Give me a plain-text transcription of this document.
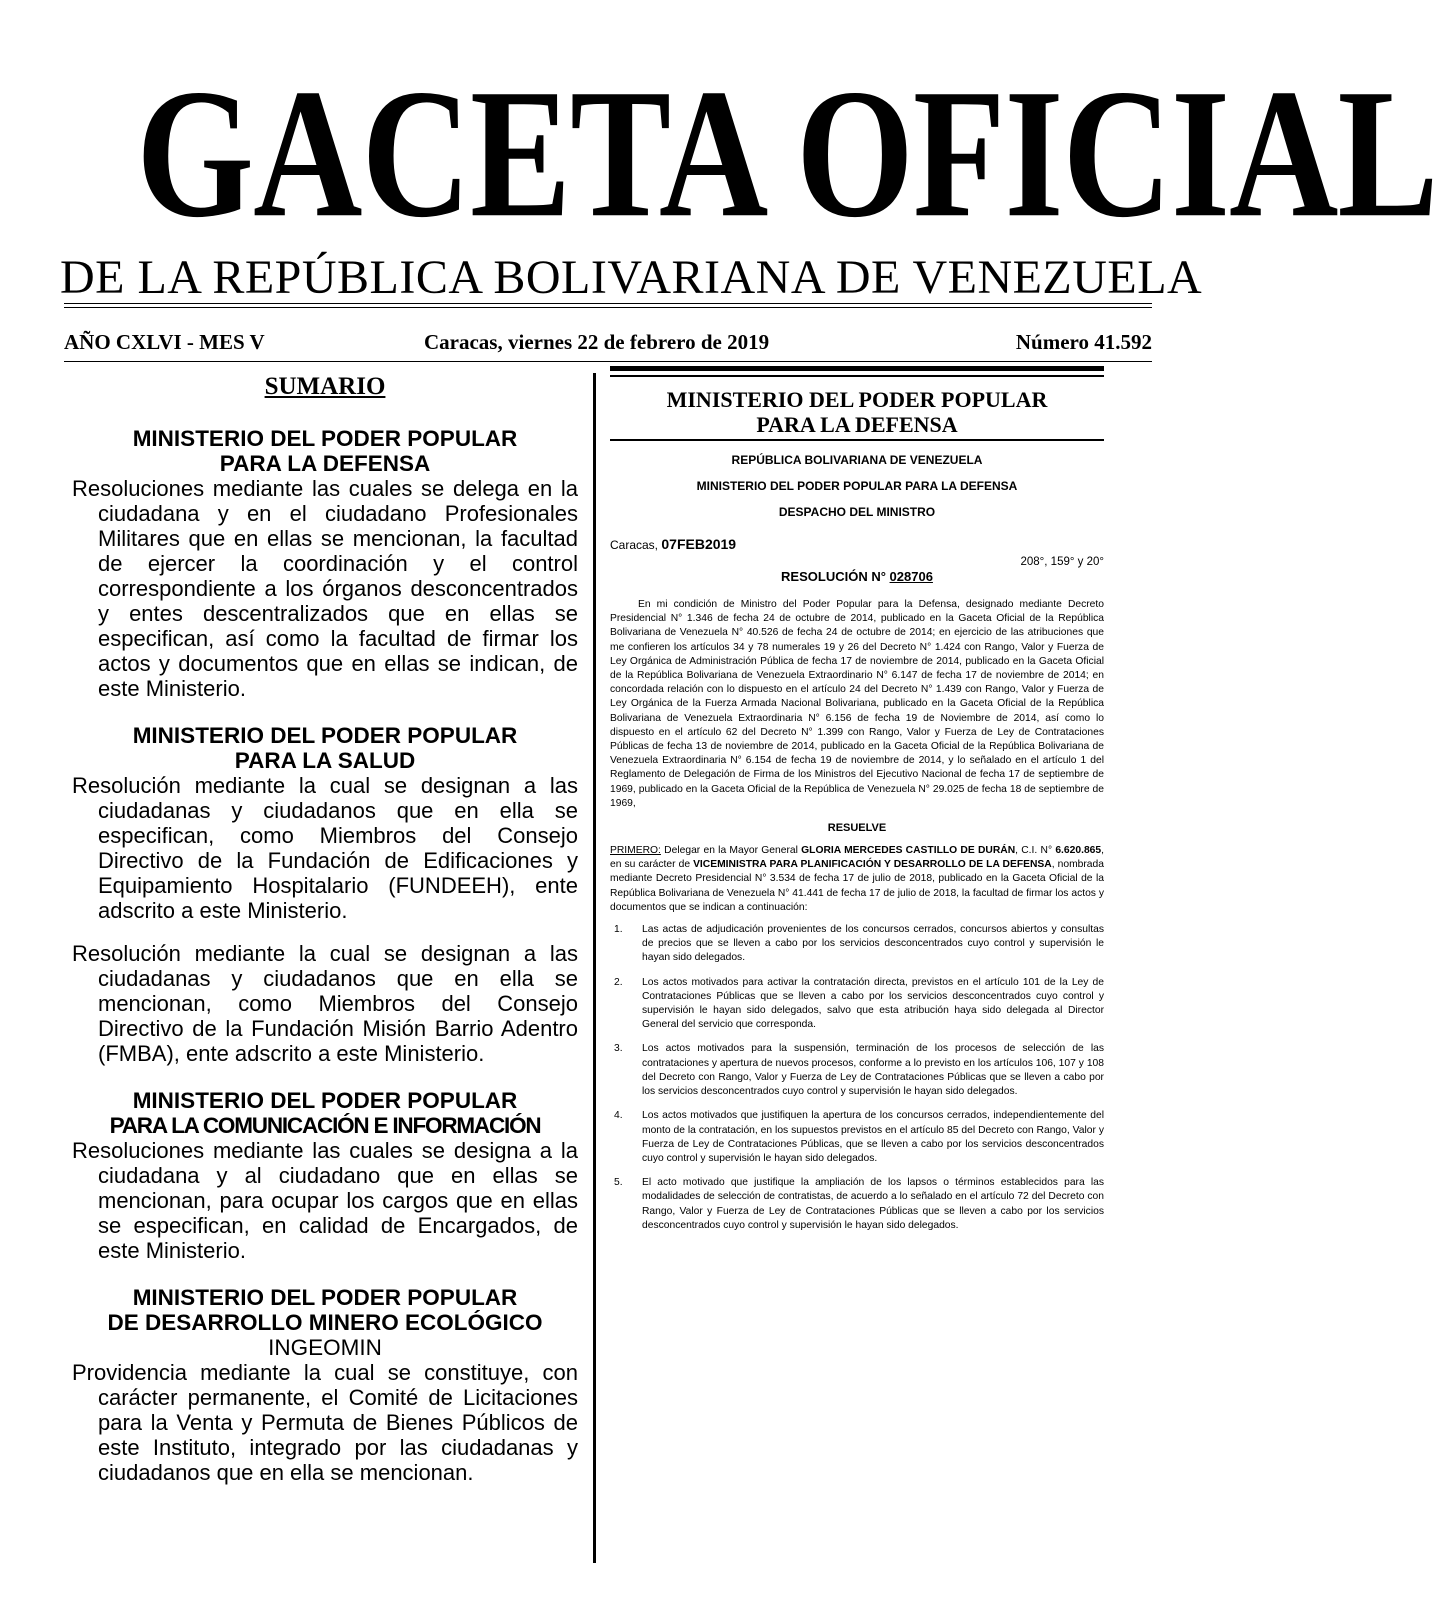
GACETA OFICIAL
DE LA REPÚBLICA BOLIVARIANA DE VENEZUELA
AÑO CXLVI - MES V	Caracas, viernes 22 de febrero de 2019	Número 41.592
SUMARIO
MINISTERIO DEL PODER POPULAR
PARA LA DEFENSA
Resoluciones mediante las cuales se delega en la ciudadana y en el ciudadano Profesionales Militares que en ellas se mencionan, la facultad de ejercer la coordinación y el control correspondiente a los órganos desconcentrados y entes descentralizados que en ellas se especifican, así como la facultad de firmar los actos y documentos que en ellas se indican, de este Ministerio.
MINISTERIO DEL PODER POPULAR
PARA LA SALUD
Resolución mediante la cual se designan a las ciudadanas y ciudadanos que en ella se especifican, como Miembros del Consejo Directivo de la Fundación de Edificaciones y Equipamiento Hospitalario (FUNDEEH), ente adscrito a este Ministerio.
Resolución mediante la cual se designan a las ciudadanas y ciudadanos que en ella se mencionan, como Miembros del Consejo Directivo de la Fundación Misión Barrio Adentro (FMBA), ente adscrito a este Ministerio.
MINISTERIO DEL PODER POPULAR
PARA LA COMUNICACIÓN E INFORMACIÓN
Resoluciones mediante las cuales se designa a la ciudadana y al ciudadano que en ellas se mencionan, para ocupar los cargos que en ellas se especifican, en calidad de Encargados, de este Ministerio.
MINISTERIO DEL PODER POPULAR
DE DESARROLLO MINERO ECOLÓGICO
INGEOMIN
Providencia mediante la cual se constituye, con carácter permanente, el Comité de Licitaciones para la Venta y Permuta de Bienes Públicos de este Instituto, integrado por las ciudadanas y ciudadanos que en ella se mencionan.
MINISTERIO DEL PODER POPULAR
PARA LA DEFENSA
REPÚBLICA BOLIVARIANA DE VENEZUELA
MINISTERIO DEL PODER POPULAR PARA LA DEFENSA
DESPACHO DEL MINISTRO
Caracas, 07FEB2019
208°, 159° y 20°
RESOLUCIÓN N° 028706
En mi condición de Ministro del Poder Popular para la Defensa, designado mediante Decreto Presidencial N° 1.346 de fecha 24 de octubre de 2014, publicado en la Gaceta Oficial de la República Bolivariana de Venezuela N° 40.526 de fecha 24 de octubre de 2014; en ejercicio de las atribuciones que me confieren los artículos 34 y 78 numerales 19 y 26 del Decreto N° 1.424 con Rango, Valor y Fuerza de Ley Orgánica de Administración Pública de fecha 17 de noviembre de 2014, publicado en la Gaceta Oficial de la República Bolivariana de Venezuela Extraordinario N° 6.147 de fecha 17 de noviembre de 2014; en concordada relación con lo dispuesto en el artículo 24 del Decreto N° 1.439 con Rango, Valor y Fuerza de Ley Orgánica de la Fuerza Armada Nacional Bolivariana, publicado en la Gaceta Oficial de la República Bolivariana de Venezuela Extraordinaria N° 6.156 de fecha 19 de Noviembre de 2014, así como lo dispuesto en el artículo 62 del Decreto N° 1.399 con Rango, Valor y Fuerza de Ley de Contrataciones Públicas de fecha 13 de noviembre de 2014, publicado en la Gaceta Oficial de la República Bolivariana de Venezuela Extraordinaria N° 6.154 de fecha 19 de noviembre de 2014, y lo señalado en el artículo 1 del Reglamento de Delegación de Firma de los Ministros del Ejecutivo Nacional de fecha 17 de septiembre de 1969, publicado en la Gaceta Oficial de la República de Venezuela N° 29.025 de fecha 18 de septiembre de 1969,
RESUELVE
PRIMERO: Delegar en la Mayor General GLORIA MERCEDES CASTILLO DE DURÁN, C.I. N° 6.620.865, en su carácter de VICEMINISTRA PARA PLANIFICACIÓN Y DESARROLLO DE LA DEFENSA, nombrada mediante Decreto Presidencial N° 3.534 de fecha 17 de julio de 2018, publicado en la Gaceta Oficial de la República Bolivariana de Venezuela N° 41.441 de fecha 17 de julio de 2018, la facultad de firmar los actos y documentos que se indican a continuación:
1. Las actas de adjudicación provenientes de los concursos cerrados, concursos abiertos y consultas de precios que se lleven a cabo por los servicios desconcentrados cuyo control y supervisión le hayan sido delegados.
2. Los actos motivados para activar la contratación directa, previstos en el artículo 101 de la Ley de Contrataciones Públicas que se lleven a cabo por los servicios desconcentrados cuyo control y supervisión le hayan sido delegados, salvo que esta atribución haya sido delegada al Director General del servicio que corresponda.
3. Los actos motivados para la suspensión, terminación de los procesos de selección de las contrataciones y apertura de nuevos procesos, conforme a lo previsto en los artículos 106, 107 y 108 del Decreto con Rango, Valor y Fuerza de Ley de Contrataciones Públicas que se lleven a cabo por los servicios desconcentrados cuyo control y supervisión le hayan sido delegados.
4. Los actos motivados que justifiquen la apertura de los concursos cerrados, independientemente del monto de la contratación, en los supuestos previstos en el artículo 85 del Decreto con Rango, Valor y Fuerza de Ley de Contrataciones Públicas, que se lleven a cabo por los servicios desconcentrados cuyo control y supervisión le hayan sido delegados.
5. El acto motivado que justifique la ampliación de los lapsos o términos establecidos para las modalidades de selección de contratistas, de acuerdo a lo señalado en el artículo 72 del Decreto con Rango, Valor y Fuerza de Ley de Contrataciones Públicas que se lleven a cabo por los servicios desconcentrados cuyo control y supervisión le hayan sido delegados.
